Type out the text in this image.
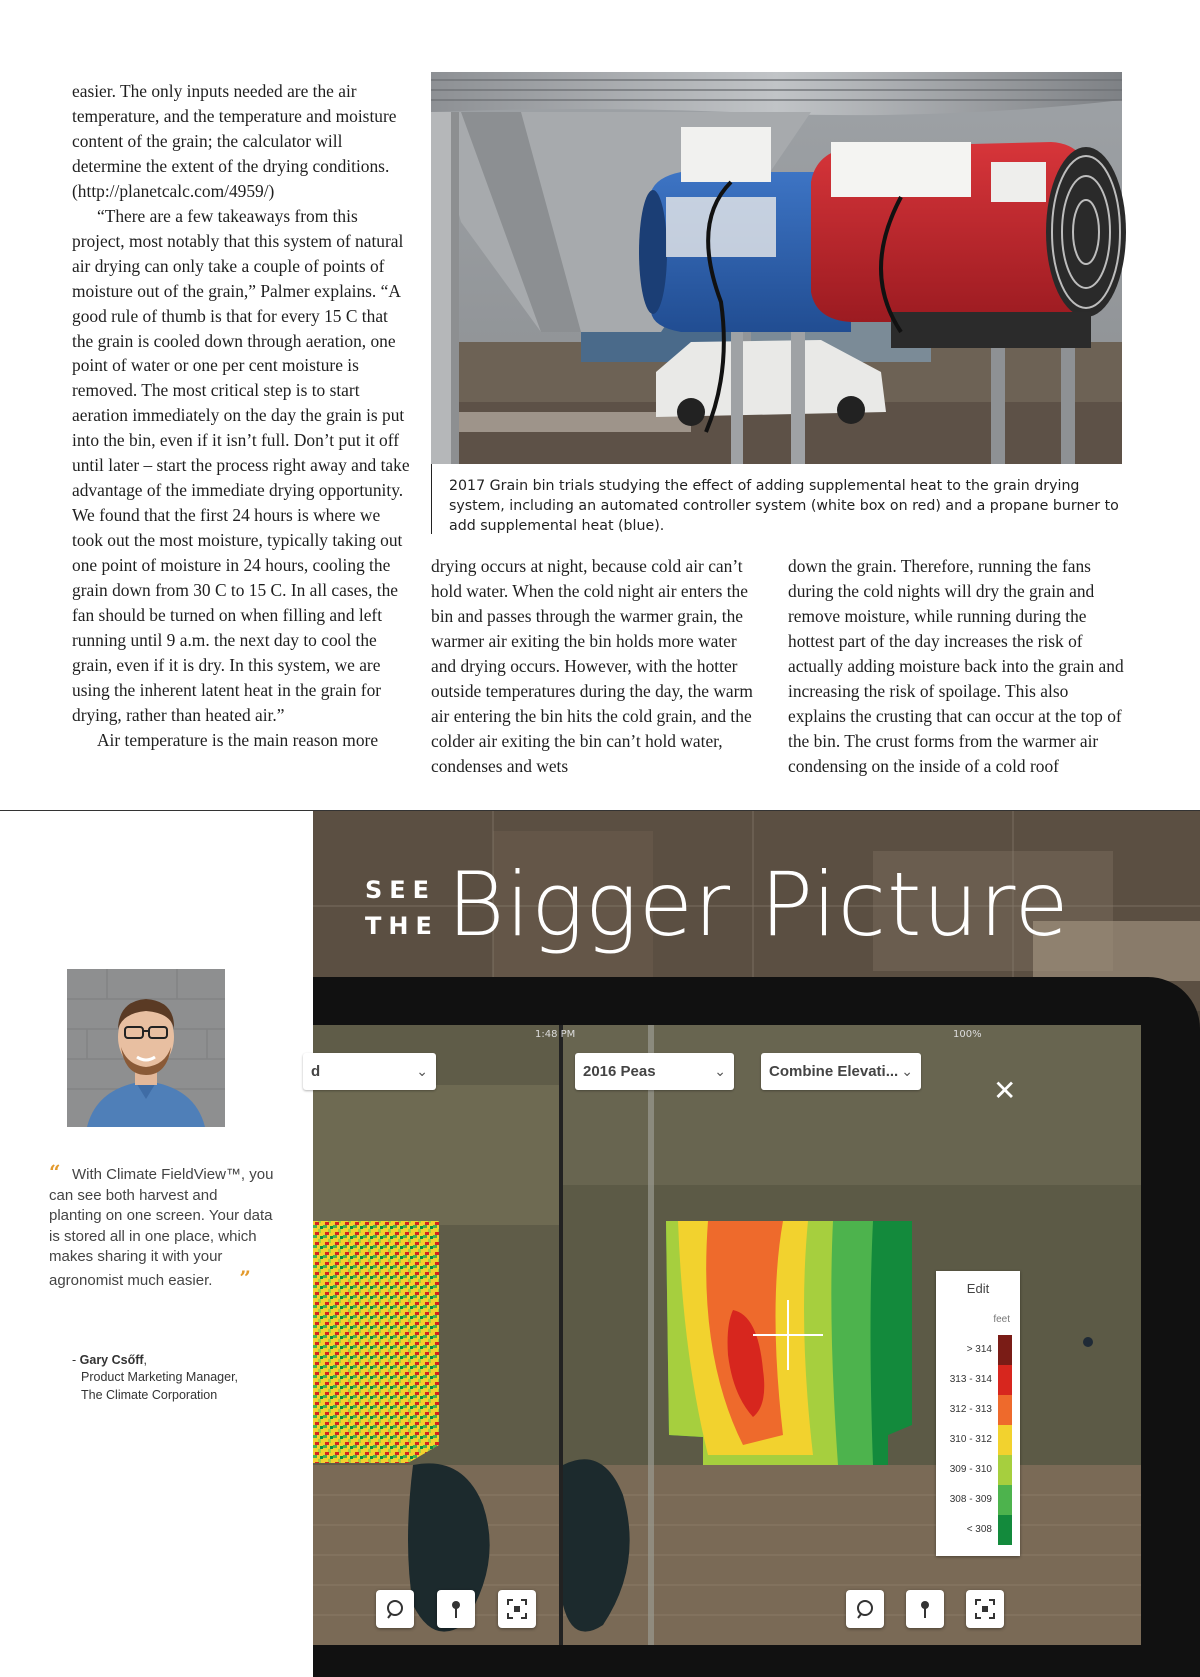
easier. The only inputs needed are the air temperature, and the temperature and moisture content of the grain; the calculator will determine the extent of the drying conditions. (http://planetcalc.com/4959/)

“There are a few takeaways from this project, most notably that this system of natural air drying can only take a couple of points of moisture out of the grain,” Palmer explains. “A good rule of thumb is that for every 15 C that the grain is cooled down through aeration, one point of water or one per cent moisture is removed. The most critical step is to start aeration immediately on the day the grain is put into the bin, even if it isn’t full. Don’t put it off until later – start the process right away and take advantage of the immediate drying opportunity. We found that the first 24 hours is where we took out the most moisture, typically taking out one point of moisture in 24 hours, cooling the grain down from 30 C to 15 C. In all cases, the fan should be turned on when filling and left running until 9 a.m. the next day to cool the grain, even if it is dry. In this system, we are using the inherent latent heat in the grain for drying, rather than heated air.”

Air temperature is the main reason more

drying occurs at night, because cold air can’t hold water. When the cold night air enters the bin and passes through the warmer grain, the warmer air exiting the bin holds more water and drying occurs. However, with the hotter outside temperatures during the day, the warm air entering the bin hits the cold grain, and the colder air exiting the bin can’t hold water, condenses and wets

down the grain. Therefore, running the fans during the cold nights will dry the grain and remove moisture, while running during the hottest part of the day increases the risk of actually adding moisture back into the grain and increasing the risk of spoilage. This also explains the crusting that can occur at the top of the bin. The crust forms from the warmer air condensing on the inside of a cold roof

2017 Grain bin trials studying the effect of adding supplemental heat to the grain drying system, including an automated controller system (white box on red) and a propane burner to add supplemental heat (blue).
“ With Climate FieldView™, you can see both harvest and planting on one screen. Your data is stored all in one place, which makes sharing it with your agronomist much easier. ”
- Gary Csőff,
Product Marketing Manager,
The Climate Corporation
SEE
THE Bigger Picture
1:48 PM	100%
d	⌄	2016 Peas	⌄	Combine Elevati... ⌄
✕
Edit
feet
> 314
313 - 314
312 - 313
310 - 312
309 - 310
308 - 309
< 308
